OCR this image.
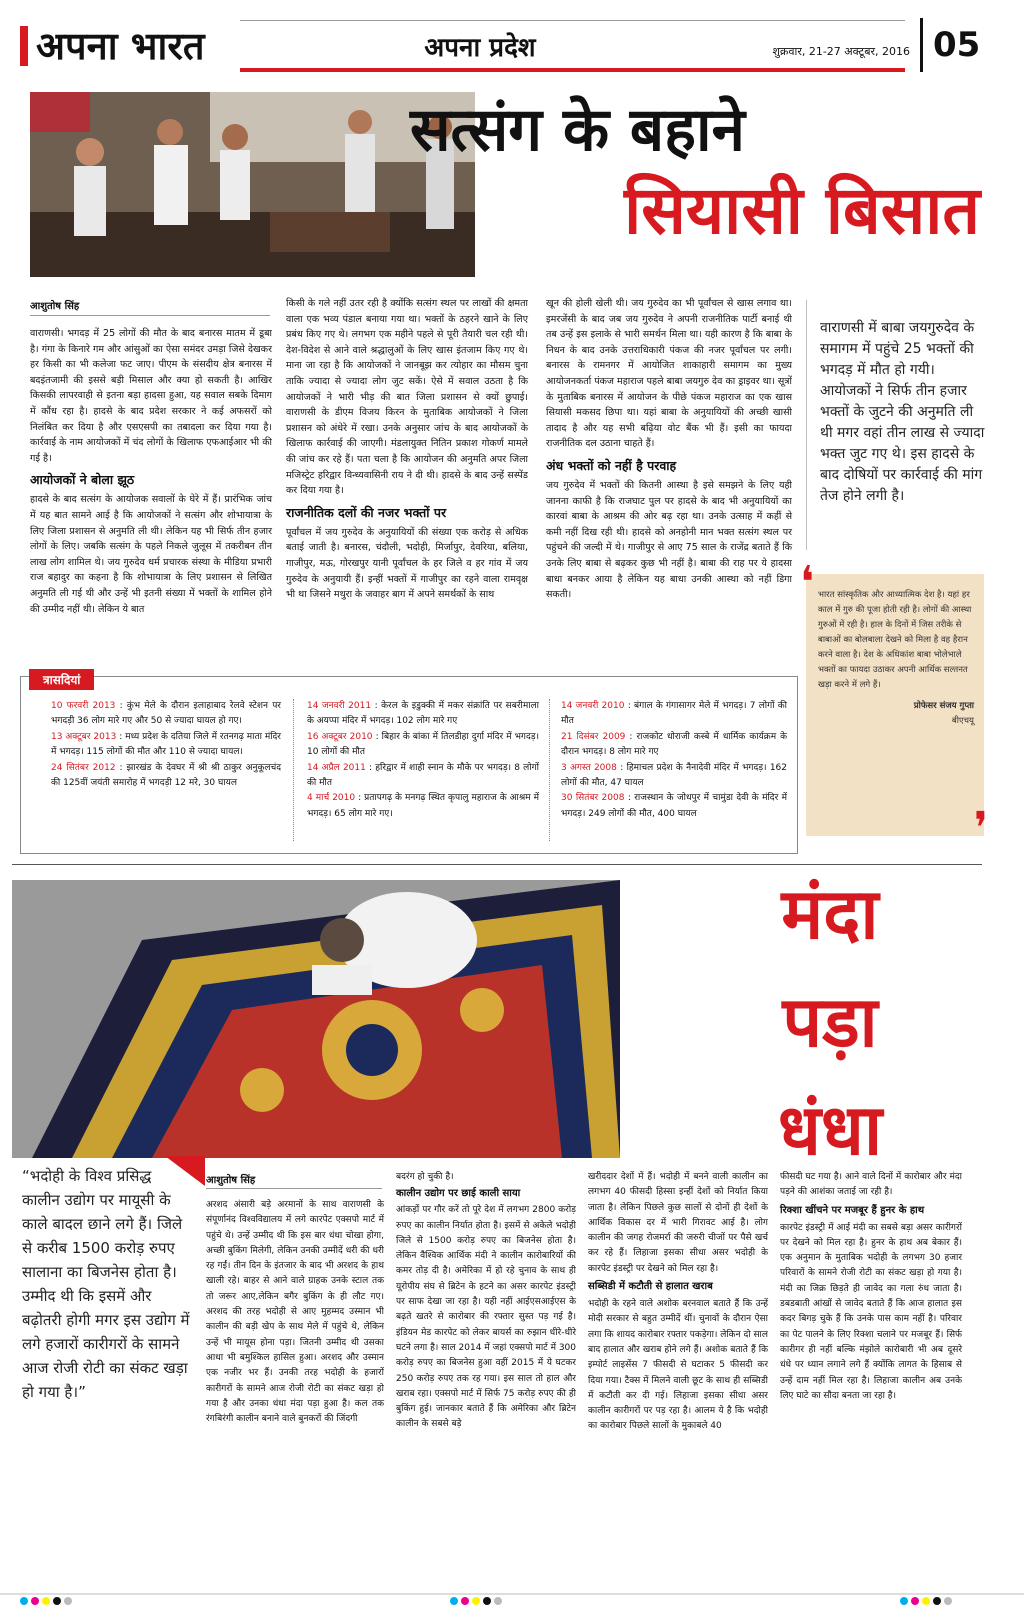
अपना भारत	अपना प्रदेश	शुक्रवार, 21-27 अक्टूबर, 2016 05
सत्संग के बहाने
सियासी बिसात
आशुतोष सिंह
वाराणसी। भगदड़ में 25 लोगों की मौत के बाद बनारस मातम में डूबा है। गंगा के किनारे गम और आंसुओं का ऐसा समंदर उमड़ा जिसे देखकर हर किसी का भी कलेजा फट जाए। पीएम के संसदीय क्षेत्र बनारस में बदइंतजामी की इससे बड़ी मिसाल और क्या हो सकती है। आखिर किसकी लापरवाही से इतना बड़ा हादसा हुआ, यह सवाल सबके दिमाग में कौंध रहा है। हादसे के बाद प्रदेश सरकार ने कई अफसरों को निलंबित कर दिया है और एसएसपी का तबादला कर दिया गया है। कार्रवाई के नाम आयोजकों में चंद लोगों के खिलाफ एफआईआर भी की गई है।
आयोजकों ने बोला झूठ
हादसे के बाद सत्संग के आयोजक सवालों के घेरे में हैं। प्रारंभिक जांच में यह बात सामने आई है कि आयोजकों ने सत्संग और शोभायात्रा के लिए जिला प्रशासन से अनुमति ली थी। लेकिन यह भी सिर्फ तीन हजार लोगों के लिए। जबकि सत्संग के पहले निकले जुलूस में तकरीबन तीन लाख लोग शामिल थे। जय गुरुदेव धर्म प्रचारक संस्था के मीडिया प्रभारी राज बहादुर का कहना है कि शोभायात्रा के लिए प्रशासन से लिखित अनुमति ली गई थी और उन्हें भी इतनी संख्या में भक्तों के शामिल होने की उम्मीद नहीं थी। लेकिन ये बात
किसी के गले नहीं उतर रही है क्योंकि सत्संग स्थल पर लाखों की क्षमता वाला एक भव्य पंडाल बनाया गया था। भक्तों के ठहरने खाने के लिए प्रबंध किए गए थे। लगभग एक महीने पहले से पूरी तैयारी चल रही थी। देश-विदेश से आने वाले श्रद्धालुओं के लिए खास इंतजाम किए गए थे। माना जा रहा है कि आयोजकों ने जानबूझ कर त्योहार का मौसम चुना ताकि ज्यादा से ज्यादा लोग जुट सकें। ऐसे में सवाल उठता है कि आयोजकों ने भारी भीड़ की बात जिला प्रशासन से क्यों छुपाई। वाराणसी के डीएम विजय किरन के मुताबिक आयोजकों ने जिला प्रशासन को अंधेरे में रखा। उनके अनुसार जांच के बाद आयोजकों के खिलाफ कार्रवाई की जाएगी। मंडलायुक्त नितिन प्रकाश गोकर्ण मामले की जांच कर रहे हैं। पता चला है कि आयोजन की अनुमति अपर जिला मजिस्ट्रेट हरिद्वार विन्ध्यवासिनी राय ने दी थी। हादसे के बाद उन्हें सस्पेंड कर दिया गया है।
राजनीतिक दलों की नजर भक्तों पर
पूर्वांचल में जय गुरुदेव के अनुयायियों की संख्या एक करोड़ से अधिक बताई जाती है। बनारस, चंदौली, भदोही, मिर्जापुर, देवरिया, बलिया, गाजीपुर, मऊ, गोरखपुर यानी पूर्वांचल के हर जिले व हर गांव में जय गुरुदेव के अनुयायी हैं। इन्हीं भक्तों में गाजीपुर का रहने वाला रामवृक्ष भी था जिसने मथुरा के जवाहर बाग में अपने समर्थकों के साथ
खून की होली खेली थी। जय गुरुदेव का भी पूर्वांचल से खास लगाव था। इमरजेंसी के बाद जब जय गुरुदेव ने अपनी राजनीतिक पार्टी बनाई थी तब उन्हें इस इलाके से भारी समर्थन मिला था। यही कारण है कि बाबा के निधन के बाद उनके उत्तराधिकारी पंकज की नजर पूर्वांचल पर लगी। बनारस के रामनगर में आयोजित शाकाहारी समागम का मुख्य आयोजनकर्ता पंकज महाराज पहले बाबा जयगुरु देव का ड्राइवर था। सूत्रों के मुताबिक बनारस में आयोजन के पीछे पंकज महाराज का एक खास सियासी मकसद छिपा था। यहां बाबा के अनुयायियों की अच्छी खासी तादाद है और यह सभी बढ़िया वोट बैंक भी हैं। इसी का फायदा राजनीतिक दल उठाना चाहते हैं।
अंध भक्तों को नहीं है परवाह
जय गुरुदेव में भक्तों की कितनी आस्था है इसे समझने के लिए यही जानना काफी है कि राजघाट पुल पर हादसे के बाद भी अनुयायियों का कारवां बाबा के आश्रम की ओर बढ़ रहा था। उनके उत्साह में कहीं से कमी नहीं दिख रही थी। हादसे को अनहोनी मान भक्त सत्संग स्थल पर पहुंचने की जल्दी में थे। गाजीपुर से आए 75 साल के राजेंद्र बताते हैं कि उनके लिए बाबा से बढ़कर कुछ भी नहीं है। बाबा की राह पर ये हादसा बाधा बनकर आया है लेकिन यह बाधा उनकी आस्था को नहीं डिगा सकती।
वाराणसी में बाबा जयगुरुदेव के समागम में पहुंचे 25 भक्तों की भगदड़ में मौत हो गयी। आयोजकों ने सिर्फ तीन हजार भक्तों के जुटने की अनुमति ली थी मगर वहां तीन लाख से ज्यादा भक्त जुट गए थे। इस हादसे के बाद दोषियों पर कार्रवाई की मांग तेज होने लगी है।
❛ भारत सांस्कृतिक और आध्यात्मिक देश है। यहां हर काल में गुरु की पूजा होती रही है। लोगों की आस्था गुरुओं में रही है। हाल के दिनों में जिस तरीके से बाबाओं का बोलबाला देखने को मिला है वह हैरान करने वाला है। देश के अधिकांश बाबा भोलेभाले भक्तों का फायदा उठाकर अपनी आर्थिक सल्तनत खड़ा करने में लगे हैं।
प्रोफेसर संजय गुप्ता
बीएचयू
❜
त्रासदियां
10 फरवरी 2013 : कुंभ मेले के दौरान इलाहाबाद रेलवे स्टेशन पर भगदड़ी 36 लोग मारे गए और 50 से ज्यादा घायल हो गए।
13 अक्टूबर 2013 : मध्य प्रदेश के दतिया जिले में रतनगढ़ माता मंदिर में भगदड़। 115 लोगों की मौत और 110 से ज्यादा घायल।
24 सितंबर 2012 : झारखंड के देवघर में श्री श्री ठाकुर अनुकूलचंद की 125वीं जयंती समारोह में भगदड़ी 12 मरे, 30 घायल
14 जनवरी 2011 : केरल के इडुक्की में मकर संक्रांति पर सबरीमाला के अयप्पा मंदिर में भगदड़। 102 लोग मारे गए
16 अक्टूबर 2010 : बिहार के बांका में तिलडीहा दुर्गा मंदिर में भगदड़। 10 लोगों की मौत
14 अप्रैल 2011 : हरिद्वार में शाही स्नान के मौके पर भगदड़। 8 लोगों की मौत
4 मार्च 2010 : प्रतापगढ़ के मनगढ़ स्थित कृपालु महाराज के आश्रम में भगदड़। 65 लोग मारे गए।
14 जनवरी 2010 : बंगाल के गंगासागर मेले में भगदड़। 7 लोगों की मौत
21 दिसंबर 2009 : राजकोट धोराजी कस्बे में धार्मिक कार्यक्रम के दौरान भगदड़। 8 लोग मारे गए
3 अगस्त 2008 : हिमाचल प्रदेश के नैनादेवी मंदिर में भगदड़। 162 लोगों की मौत, 47 घायल
30 सितंबर 2008 : राजस्थान के जोधपुर में चामुंडा देवी के मंदिर में भगदड़। 249 लोगों की मौत, 400 घायल
मंदा
पड़ा
धंधा
“भदोही के विश्व प्रसिद्ध कालीन उद्योग पर मायूसी के काले बादल छाने लगे हैं। जिले से करीब 1500 करोड़ रुपए सालाना का बिजनेस होता है। उम्मीद थी कि इसमें और बढ़ोतरी होगी मगर इस उद्योग में लगे हजारों कारीगरों के सामने आज रोजी रोटी का संकट खड़ा हो गया है।”
आशुतोष सिंह
अरशद अंसारी बड़े अरमानों के साथ वाराणसी के संपूर्णानंद विश्वविद्यालय में लगे कारपेट एक्सपो मार्ट में पहुंचे थे। उन्हें उम्मीद थी कि इस बार धंधा चोखा होगा, अच्छी बुकिंग मिलेगी, लेकिन उनकी उम्मीदें धरी की धरी रह गईं। तीन दिन के इंतजार के बाद भी अरशद के हाथ खाली रहे। बाहर से आने वाले ग्राहक उनके स्टाल तक तो जरूर आए,लेकिन बगैर बुकिंग के ही लौट गए। अरशद की तरह भदोही से आए मुहम्मद उस्मान भी कालीन की बड़ी खेप के साथ मेले में पहुंचे थे, लेकिन उन्हें भी मायूस होना पड़ा। जितनी उम्मीद थी उसका आधा भी बमुश्किल हासिल हुआ। अरशद और उस्मान एक नजीर भर हैं। उनकी तरह भदोही के हजारों कारीगरों के सामने आज रोजी रोटी का संकट खड़ा हो गया है और उनका धंधा मंदा पड़ा हुआ है। कल तक रंगबिरंगी कालीन बनाने वाले बुनकरों की जिंदगी
बदरंग हो चुकी है।
कालीन उद्योग पर छाई काली साया
आंकड़ों पर गौर करें तो पूरे देश में लगभग 2800 करोड़ रुपए का कालीन निर्यात होता है। इसमें से अकेले भदोही जिले से 1500 करोड़ रुपए का बिजनेस होता है। लेकिन वैश्विक आर्थिक मंदी ने कालीन कारोबारियों की कमर तोड़ दी है। अमेरिका में हो रहे चुनाव के साथ ही यूरोपीय संघ से ब्रिटेन के हटने का असर कारपेट इंडस्ट्री पर साफ देखा जा रहा है। यही नहीं आईएसआईएस के बढ़ते खतरे से कारोबार की रफ्तार सुस्त पड़ गई है। इंडियन मेड कारपेट को लेकर बायर्स का रुझान धीरे-धीरे घटने लगा है। साल 2014 में जहां एक्सपो मार्ट में 300 करोड़ रुपए का बिजनेस हुआ वहीं 2015 में ये घटकर 250 करोड़ रुपए तक रह गया। इस साल तो हाल और खराब रहा। एक्सपो मार्ट में सिर्फ 75 करोड़ रुपए की ही बुकिंग हुई। जानकार बताते हैं कि अमेरिका और ब्रिटेन कालीन के सबसे बड़े
खरीददार देशों में हैं। भदोही में बनने वाली कालीन का लगभग 40 फीसदी हिस्सा इन्हीं देशों को निर्यात किया जाता है। लेकिन पिछले कुछ सालों से दोनों ही देशों के आर्थिक विकास दर में भारी गिरावट आई है। लोग कालीन की जगह रोजमर्रा की जरुरी चीजों पर पैसे खर्च कर रहे हैं। लिहाजा इसका सीधा असर भदोही के कारपेट इंडस्ट्री पर देखने को मिल रहा है।
सब्सिडी में कटौती से हालात खराब
भदोही के रहने वाले अशोक बरनवाल बताते हैं कि उन्हें मोदी सरकार से बहुत उम्मीदें थीं। चुनावों के दौरान ऐसा लगा कि शायद कारोबार रफ्तार पकड़ेगा। लेकिन दो साल बाद हालात और खराब होने लगे हैं। अशोक बताते हैं कि इम्पोर्ट लाइसेंस 7 फीसदी से घटाकर 5 फीसदी कर दिया गया। टैक्स में मिलने वाली छूट के साथ ही सब्सिडी में कटौती कर दी गई। लिहाजा इसका सीधा असर कालीन कारीगरों पर पड़ रहा है। आलम ये है कि भदोही का कारोबार पिछले सालों के मुकाबले 40
फीसदी घट गया है। आने वाले दिनों में कारोबार और मंदा पड़ने की आशंका जताई जा रही है।
रिक्शा खींचने पर मजबूर हैं हुनर के हाथ
कारपेट इंडस्ट्री में आई मंदी का सबसे बड़ा असर कारीगरों पर देखने को मिल रहा है। हुनर के हाथ अब बेकार हैं। एक अनुमान के मुताबिक भदोही के लगभग 30 हजार परिवारों के सामने रोजी रोटी का संकट खड़ा हो गया है। मंदी का जिक्र छिड़ते ही जावेद का गला रुंध जाता है। डबडबाती आंखों से जावेद बताते हैं कि आज हालात इस कदर बिगड़ चुके हैं कि उनके पास काम नहीं है। परिवार का पेट पालने के लिए रिक्शा चलाने पर मजबूर हैं। सिर्फ कारीगर ही नहीं बल्कि मंझोले कारोबारी भी अब दूसरे धंधे पर ध्यान लगाने लगे हैं क्योंकि लागत के हिसाब से उन्हें दाम नहीं मिल रहा है। लिहाजा कालीन अब उनके लिए घाटे का सौदा बनता जा रहा है।
